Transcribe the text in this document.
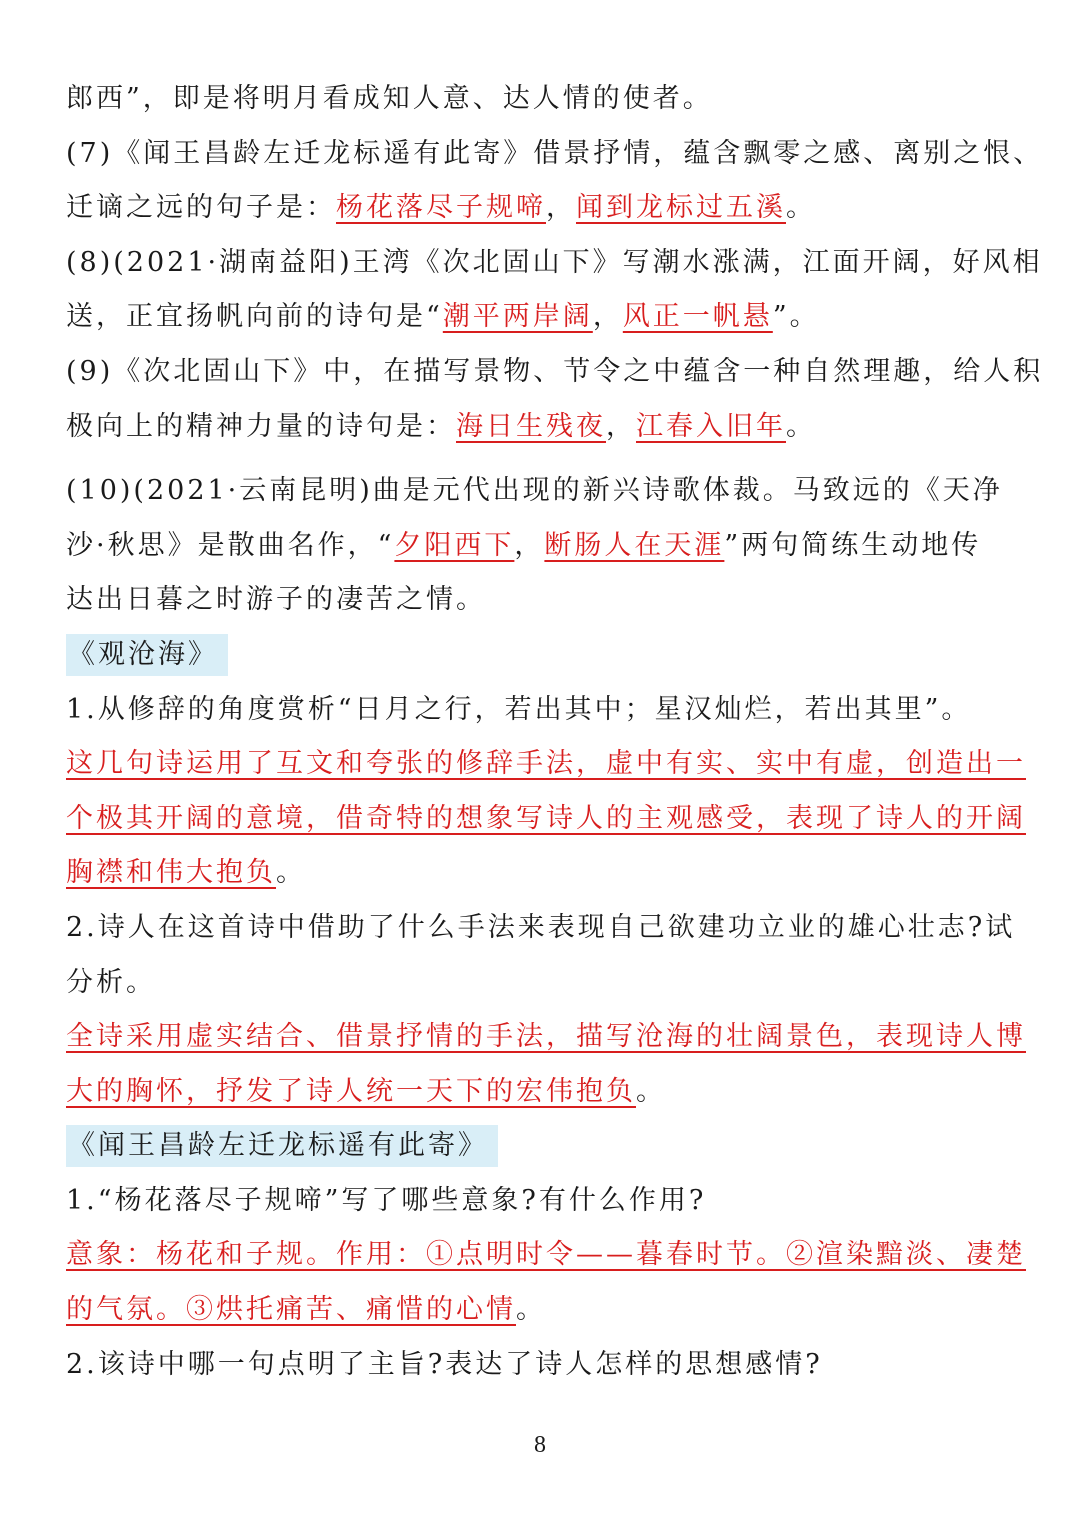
郎西”，即是将明月看成知人意、达人情的使者。
(7)《闻王昌龄左迁龙标遥有此寄》借景抒情，蕴含飘零之感、离别之恨、
迁谪之远的句子是：杨花落尽子规啼，闻到龙标过五溪。
(8)(2021·湖南益阳)王湾《次北固山下》写潮水涨满，江面开阔，好风相
送，正宜扬帆向前的诗句是“潮平两岸阔，风正一帆悬”。
(9)《次北固山下》中，在描写景物、节令之中蕴含一种自然理趣，给人积
极向上的精神力量的诗句是：海日生残夜，江春入旧年。
(10)(2021·云南昆明)曲是元代出现的新兴诗歌体裁。马致远的《天净
沙·秋思》是散曲名作，“夕阳西下，断肠人在天涯”两句简练生动地传
达出日暮之时游子的凄苦之情。
《观沧海》
1.从修辞的角度赏析“日月之行，若出其中；星汉灿烂，若出其里”。
这几句诗运用了互文和夸张的修辞手法，虚中有实、实中有虚，创造出一
个极其开阔的意境，借奇特的想象写诗人的主观感受，表现了诗人的开阔
胸襟和伟大抱负。
2.诗人在这首诗中借助了什么手法来表现自己欲建功立业的雄心壮志?试
分析。
全诗采用虚实结合、借景抒情的手法，描写沧海的壮阔景色，表现诗人博
大的胸怀，抒发了诗人统一天下的宏伟抱负。
《闻王昌龄左迁龙标遥有此寄》
1.“杨花落尽子规啼”写了哪些意象?有什么作用?
意象：杨花和子规。作用：①点明时令——暮春时节。②渲染黯淡、凄楚
的气氛。③烘托痛苦、痛惜的心情。
2.该诗中哪一句点明了主旨?表达了诗人怎样的思想感情?
8
